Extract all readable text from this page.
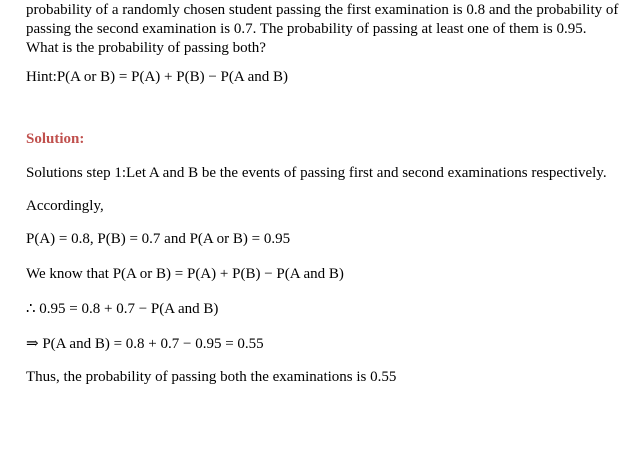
probability of a randomly chosen student passing the first examination is 0.8 and the probability of passing the second examination is 0.7. The probability of passing at least one of them is 0.95. What is the probability of passing both?
Hint:P(A or B) = P(A) + P(B) − P(A and B)
Solution:
Solutions step 1:Let A and B be the events of passing first and second examinations respectively.
Accordingly,
P(A) = 0.8, P(B) = 0.7 and P(A or B) = 0.95
We know that P(A or B) = P(A) + P(B) − P(A and B)
∴ 0.95 = 0.8 + 0.7 − P(A and B)
⇒ P(A and B) = 0.8 + 0.7 − 0.95 = 0.55
Thus, the probability of passing both the examinations is 0.55
